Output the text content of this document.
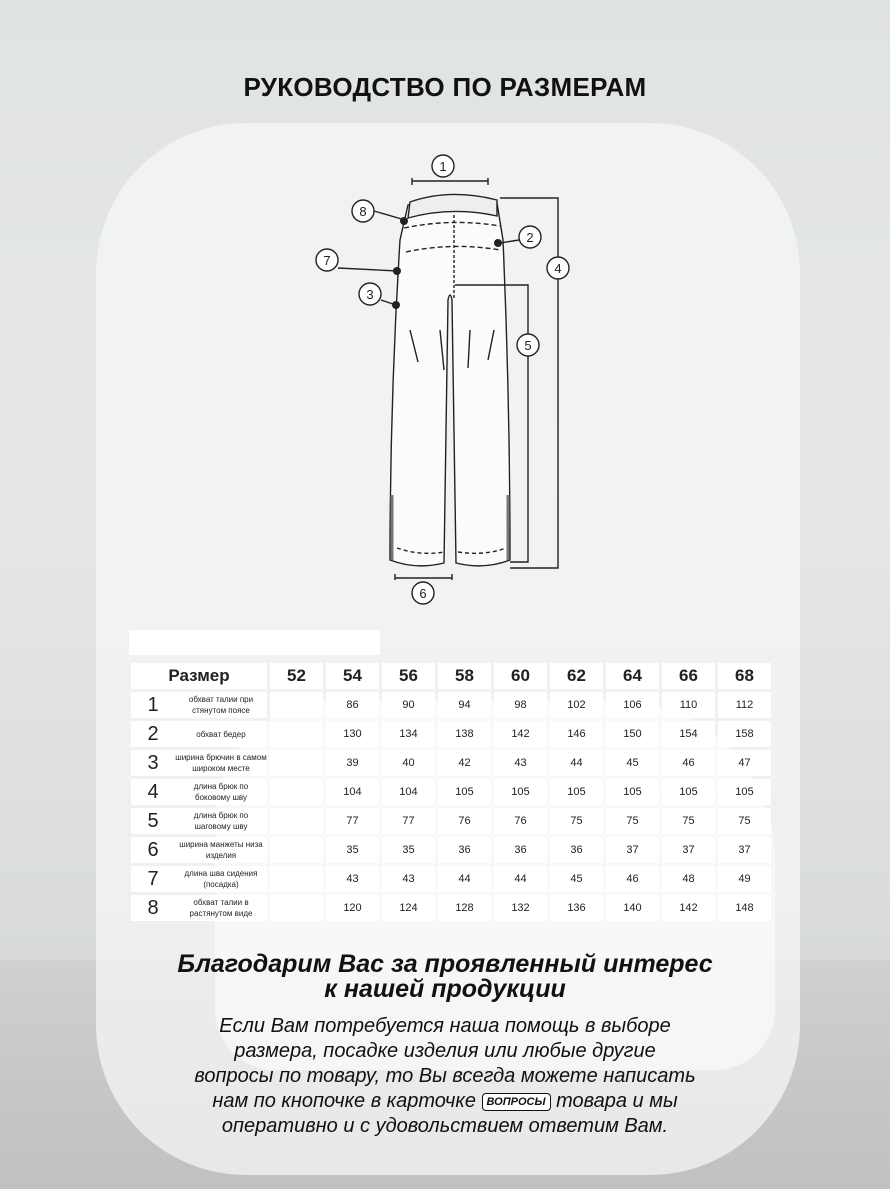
РУКОВОДСТВО ПО РАЗМЕРАМ
1
2
3
4
5
6
7
8
Размер	52	54	56	58	60	62	64	66	68
1 обхват талии при
стянутом поясе		86	90	94	98	102	106	110	112
2 обхват бедер		130	134	138	142	146	150	154	158
3 ширина брючин в самом
широком месте		39	40	42	43	44	45	46	47
4 длина брюк по
боковому шву		104	104	105	105	105	105	105	105
5 длина брюк по
шаговому шву		77	77	76	76	75	75	75	75
6 ширина манжеты низа
изделия		35	35	36	36	36	37	37	37
7 длина шва сидения
(посадка)		43	43	44	44	45	46	48	49
8 обхват талии в
растянутом виде		120	124	128	132	136	140	142	148
Благодарим Вас за проявленный интерес
к нашей продукции
Если Вам потребуется наша помощь в выборе
размера, посадке изделия или любые другие
вопросы по товару, то Вы всегда можете написать
нам по кнопочке в карточке ВОПРОСЫ товара и мы
оперативно и с удовольствием ответим Вам.
